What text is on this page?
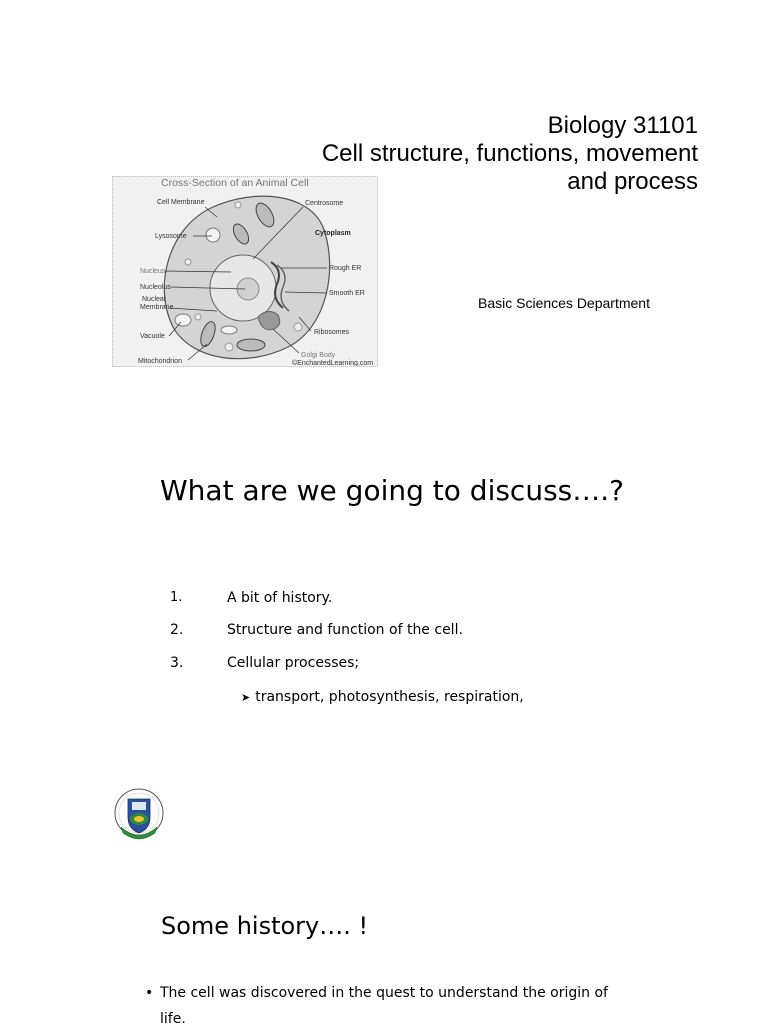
Biology 31101
Cell structure, functions, movement
and process
Basic Sciences Department
Cross-Section of an Animal Cell
Cell Membrane	Centrosome
Lysosome	Cytoplasm
Nucleus	Rough ER
Nucleolus
Smooth ER
Nuclear
Membrane
Vacuole
Ribosomes
Mitochondrion
Golgi Body
©EnchantedLearning.com
What are we going to discuss….?
1.	A bit of history.
2.	Structure and function of the cell.
3.	Cellular processes;
➤ transport, photosynthesis, respiration,
Some history…. !
• The cell was discovered in the quest to understand the origin of life.
